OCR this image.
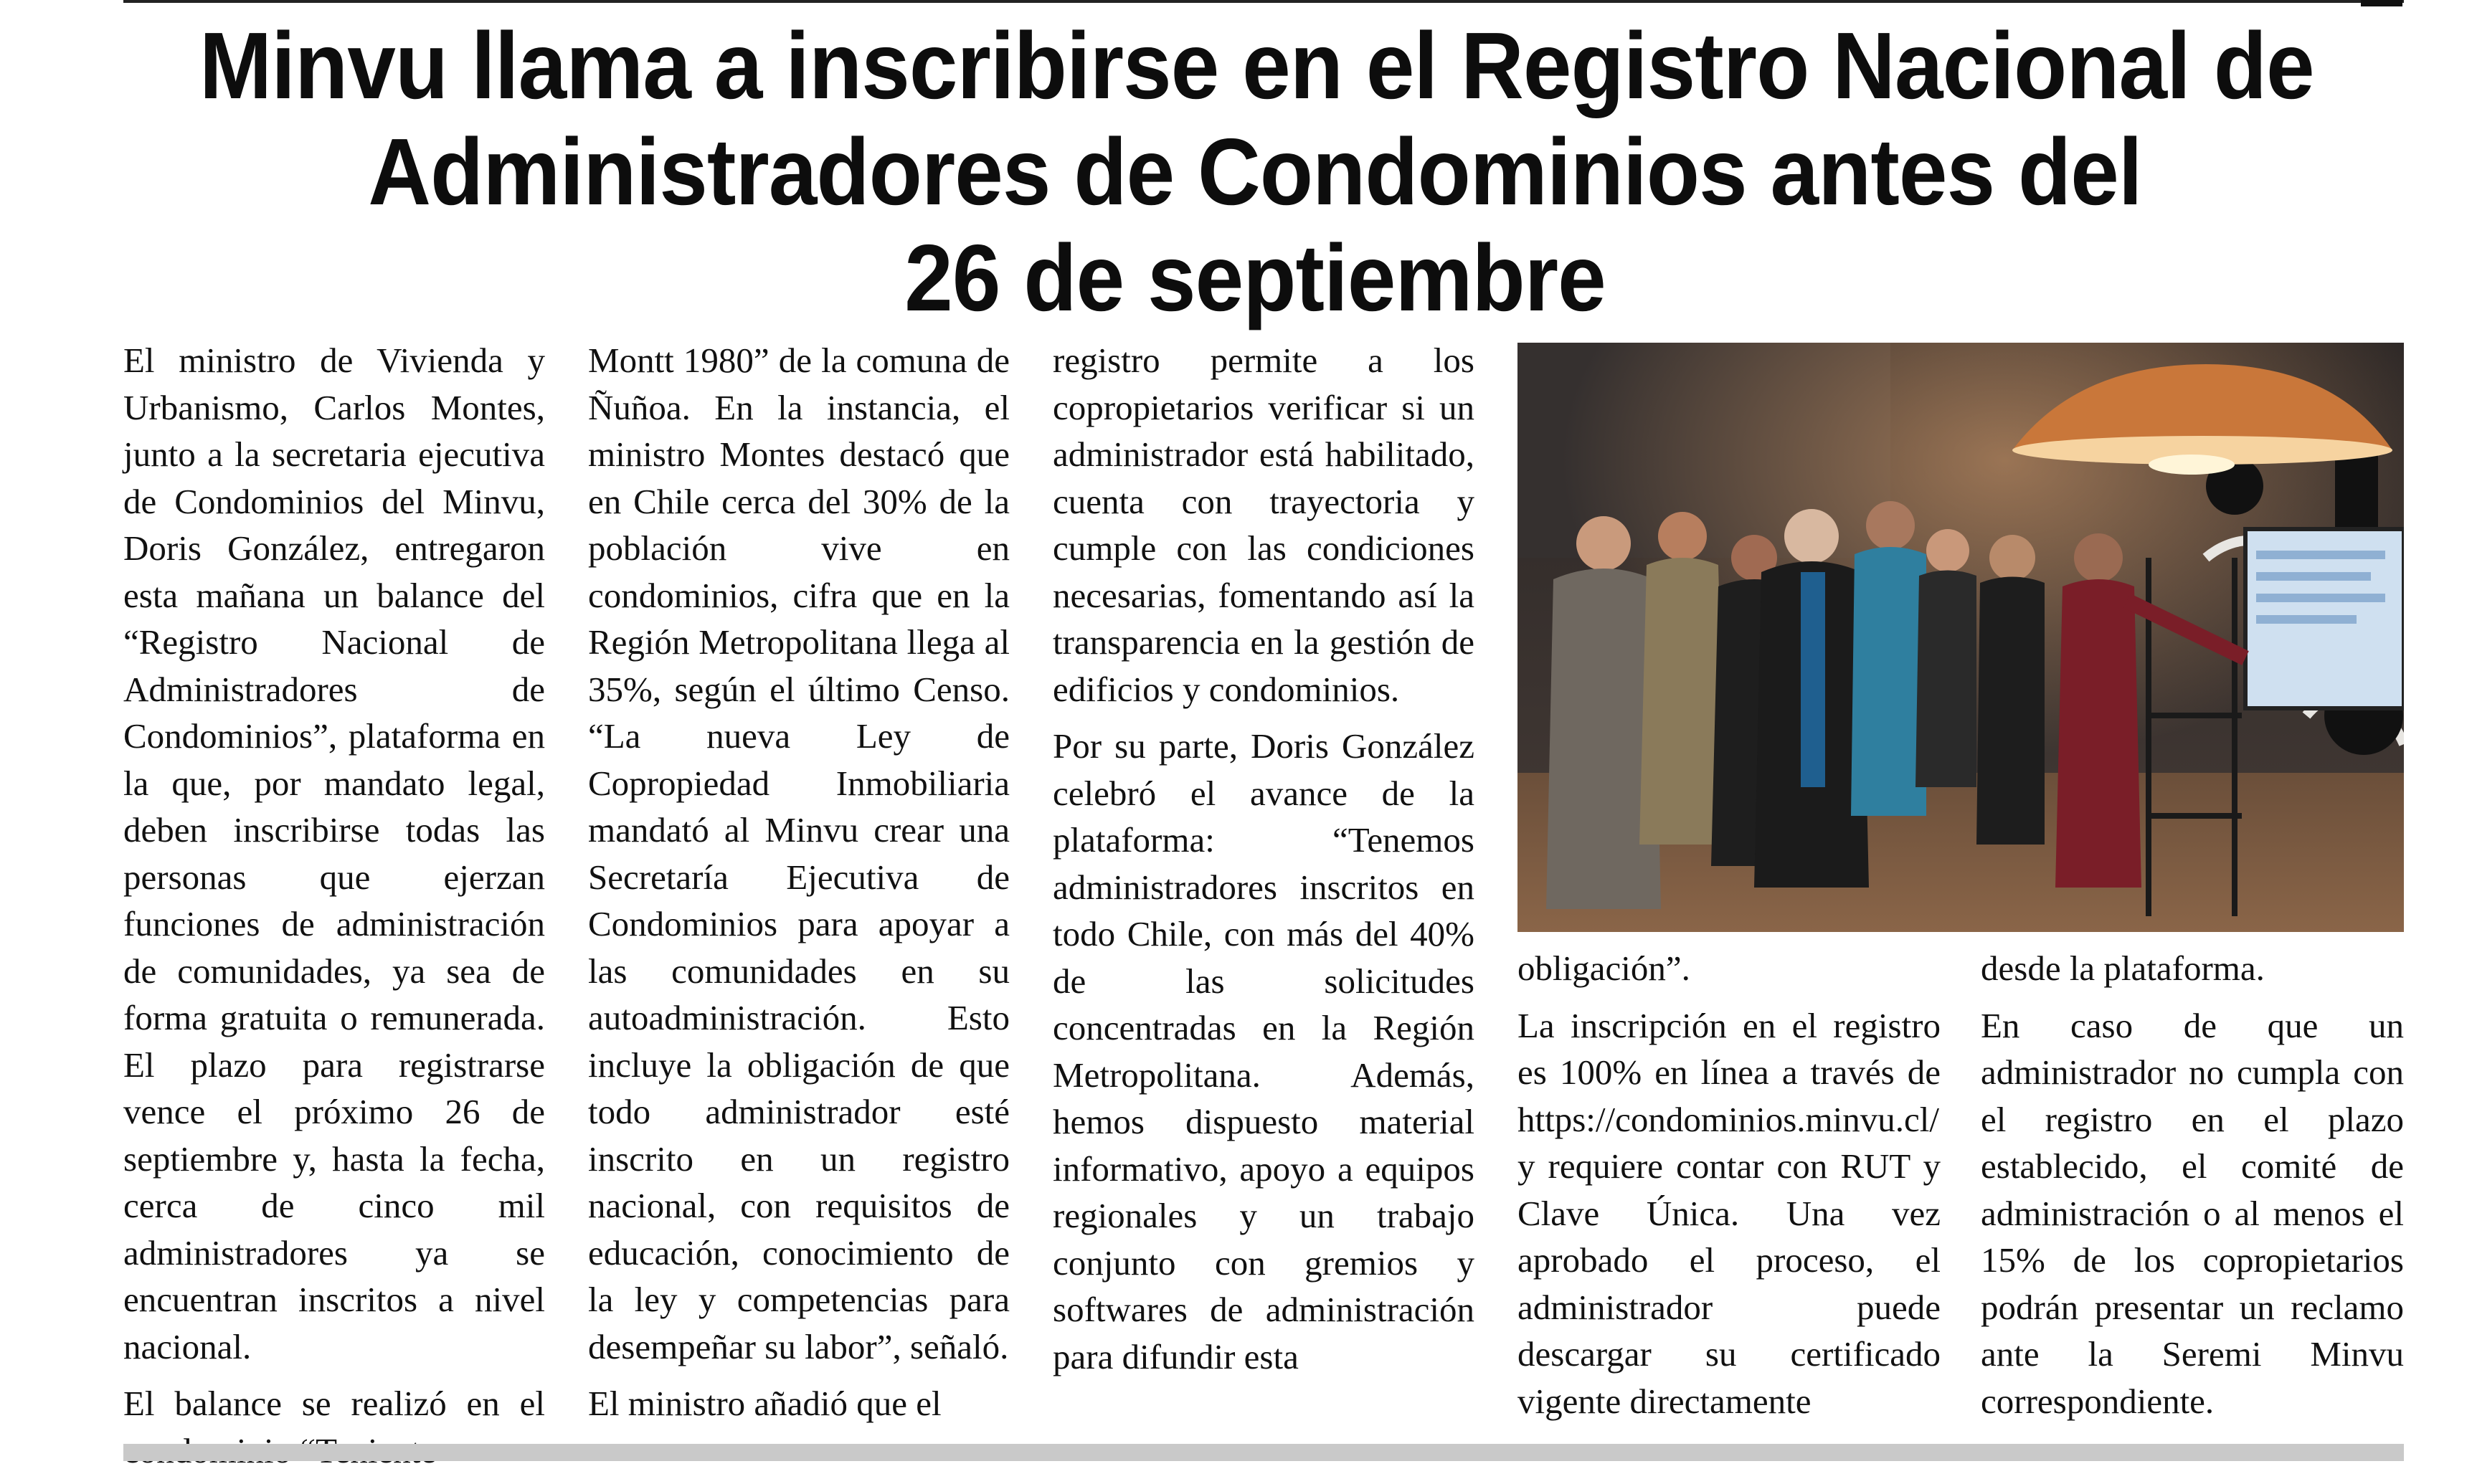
Minvu llama a inscribirse en el Registro Nacional de
Administradores de Condominios antes del
26 de septiembre

El ministro de Vivienda y Urbanismo, Carlos Montes, junto a la secretaria ejecutiva de Condominios del Minvu, Doris González, entregaron esta mañana un balance del “Registro Nacional de Administradores de Condominios”, plataforma en la que, por mandato legal, deben inscribirse todas las personas que ejerzan funciones de administración de comunidades, ya sea de forma gratuita o remunerada. El plazo para registrarse vence el próximo 26 de septiembre y, hasta la fecha, cerca de cinco mil administradores ya se encuentran inscritos a nivel nacional.

El balance se realizó en el

Montt 1980” de la comuna de Ñuñoa. En la instancia, el ministro Montes destacó que en Chile cerca del 30% de la población vive en condominios, cifra que en la Región Metropolitana llega al 35%, según el último Censo. “La nueva Ley de Copropiedad Inmobiliaria mandató al Minvu crear una Secretaría Ejecutiva de Condominios para apoyar a las comunidades en su autoadministración. Esto incluye la obligación de que todo administrador esté inscrito en un registro nacional, con requisitos de educación, conocimiento de la ley y competencias para desempeñar su labor”, señaló.

El ministro añadió que el

registro permite a los copropietarios verificar si un administrador está habilitado, cuenta con trayectoria y cumple con las condiciones necesarias, fomentando así la transparencia en la gestión de edificios y condominios.

Por su parte, Doris González celebró el avance de la plataforma: “Tenemos administradores inscritos en todo Chile, con más del 40% de las solicitudes concentradas en la Región Metropolitana. Además, hemos dispuesto material informativo, apoyo a equipos regionales y un trabajo conjunto con gremios y softwares de administración para difundir esta

obligación”.

La inscripción en el registro es 100% en línea a través de https://condominios.minvu.cl/ y requiere contar con RUT y Clave Única. Una vez aprobado el proceso, el administrador puede descargar su certificado vigente directamente

desde la plataforma.

En caso de que un administrador no cumpla con el registro en el plazo establecido, el comité de administración o al menos el 15% de los copropietarios podrán presentar un reclamo ante la Seremi Minvu correspondiente.
